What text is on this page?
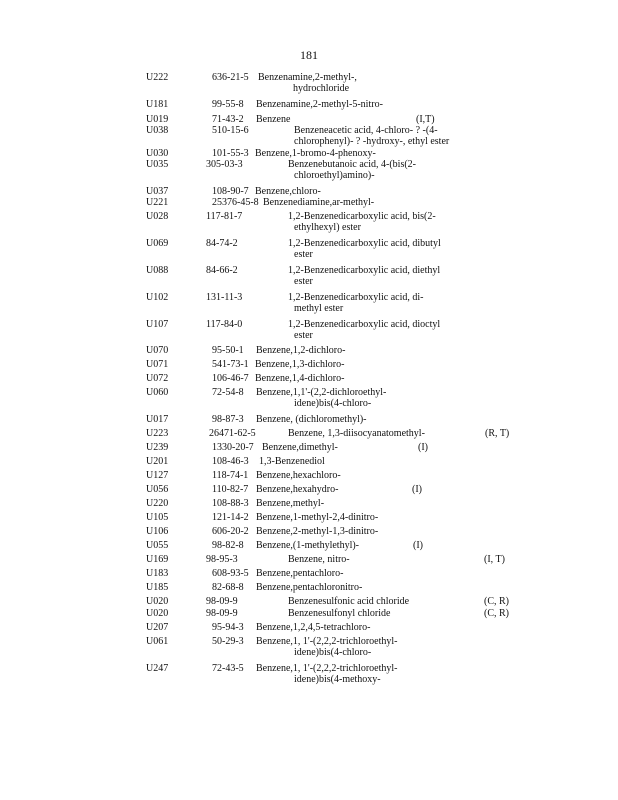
181
U222	636-21-5 Benzenamine,2-methyl-,
hydrochloride
U181	99-55-8 Benzenamine,2-methyl-5-nitro-
U019	71-43-2 Benzene	(I,T)
U038	510-15-6	Benzeneacetic acid, 4-chloro- ? -(4-
chlorophenyl)- ? -hydroxy-, ethyl ester
U030	101-55-3 Benzene,1-bromo-4-phenoxy-
U035	305-03-3	Benzenebutanoic acid, 4-(bis(2-
chloroethyl)amino)-
U037	108-90-7 Benzene,chloro-
U221	25376-45-8 Benzenediamine,ar-methyl-
U028	117-81-7	1,2-Benzenedicarboxylic acid, bis(2-
ethylhexyl) ester
U069	84-74-2	1,2-Benzenedicarboxylic acid, dibutyl
ester
U088	84-66-2	1,2-Benzenedicarboxylic acid, diethyl
ester
U102	131-11-3	1,2-Benzenedicarboxylic acid, di-
methyl ester
U107	117-84-0	1,2-Benzenedicarboxylic acid, dioctyl
ester
U070	95-50-1 Benzene,1,2-dichloro-
U071	541-73-1 Benzene,1,3-dichloro-
U072	106-46-7 Benzene,1,4-dichloro-
U060	72-54-8 Benzene,1,1'-(2,2-dichloroethyl-
idene)bis(4-chloro-
U017	98-87-3 Benzene, (dichloromethyl)-
U223	26471-62-5	Benzene, 1,3-diisocyanatomethyl-	(R, T)
U239	1330-20-7 Benzene,dimethyl-	(I)
U201	108-46-3 1,3-Benzenediol
U127	118-74-1 Benzene,hexachloro-
U056	110-82-7 Benzene,hexahydro-	(I)
U220	108-88-3 Benzene,methyl-
U105	121-14-2 Benzene,1-methyl-2,4-dinitro-
U106	606-20-2 Benzene,2-methyl-1,3-dinitro-
U055	98-82-8 Benzene,(1-methylethyl)-	(I)
U169	98-95-3	Benzene, nitro-	(I, T)
U183	608-93-5 Benzene,pentachloro-
U185	82-68-8 Benzene,pentachloronitro-
U020	98-09-9	Benzenesulfonic acid chloride	(C, R)
U020	98-09-9	Benzenesulfonyl chloride	(C, R)
U207	95-94-3 Benzene,1,2,4,5-tetrachloro-
U061	50-29-3 Benzene,1, 1'-(2,2,2-trichloroethyl-
idene)bis(4-chloro-
U247	72-43-5 Benzene,1, 1'-(2,2,2-trichloroethyl-
idene)bis(4-methoxy-
